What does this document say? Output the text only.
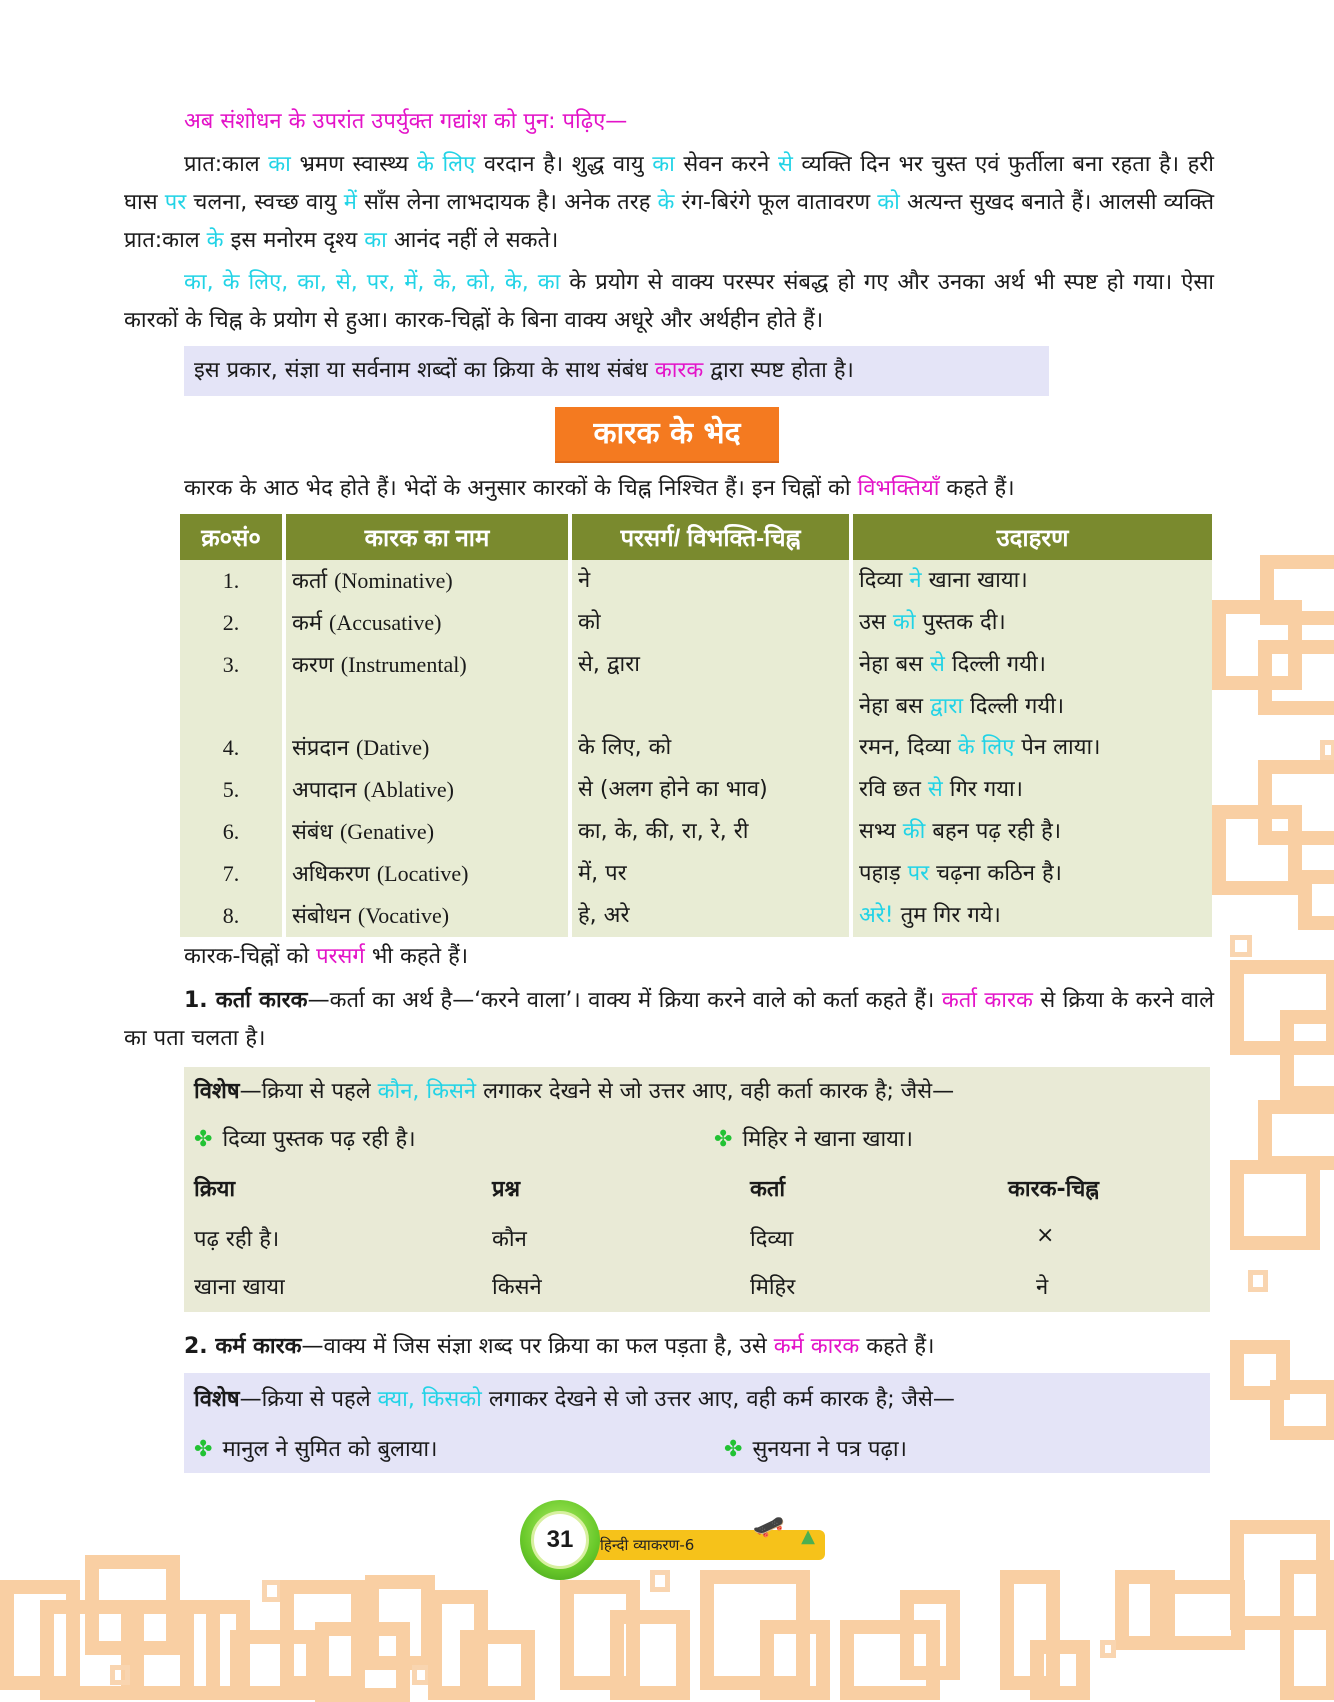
अब संशोधन के उपरांत उपर्युक्त गद्यांश को पुन: पढ़िए—
प्रात:काल का भ्रमण स्वास्थ्य के लिए वरदान है। शुद्ध वायु का सेवन करने से व्यक्ति दिन भर चुस्त एवं फुर्तीला बना रहता है। हरी घास पर चलना, स्वच्छ वायु में साँस लेना लाभदायक है। अनेक तरह के रंग-बिरंगे फूल वातावरण को अत्यन्त सुखद बनाते हैं। आलसी व्यक्ति प्रात:काल के इस मनोरम दृश्य का आनंद नहीं ले सकते।
का, के लिए, का, से, पर, में, के, को, के, का के प्रयोग से वाक्य परस्पर संबद्ध हो गए और उनका अर्थ भी स्पष्ट हो गया। ऐसा कारकों के चिह्न के प्रयोग से हुआ। कारक-चिह्नों के बिना वाक्य अधूरे और अर्थहीन होते हैं।
इस प्रकार, संज्ञा या सर्वनाम शब्दों का क्रिया के साथ संबंध कारक द्वारा स्पष्ट होता है।
कारक के भेद
कारक के आठ भेद होते हैं। भेदों के अनुसार कारकों के चिह्न निश्चित हैं। इन चिह्नों को विभक्तियाँ कहते हैं।
क्र०सं०	कारक का नाम	परसर्ग/ विभक्ति-चिह्न	उदाहरण
1.	कर्ता (Nominative)	ने	दिव्या ने खाना खाया।
2.	कर्म (Accusative)	को	उस को पुस्तक दी।
3.	करण (Instrumental)	से, द्वारा	नेहा बस से दिल्ली गयी।
			नेहा बस द्वारा दिल्ली गयी।
4.	संप्रदान (Dative)	के लिए, को	रमन, दिव्या के लिए पेन लाया।
5.	अपादान (Ablative)	से (अलग होने का भाव)	रवि छत से गिर गया।
6.	संबंध (Genative)	का, के, की, रा, रे, री	सभ्य की बहन पढ़ रही है।
7.	अधिकरण (Locative)	में, पर	पहाड़ पर चढ़ना कठिन है।
8.	संबोधन (Vocative)	हे, अरे	अरे! तुम गिर गये।
कारक-चिह्नों को परसर्ग भी कहते हैं।
1. कर्ता कारक—कर्ता का अर्थ है—‘करने वाला’। वाक्य में क्रिया करने वाले को कर्ता कहते हैं। कर्ता कारक से क्रिया के करने वाले का पता चलता है।
विशेष—क्रिया से पहले कौन, किसने लगाकर देखने से जो उत्तर आए, वही कर्ता कारक है; जैसे—
✤ दिव्या पुस्तक पढ़ रही है।	✤ मिहिर ने खाना खाया।
क्रिया	प्रश्न	कर्ता	कारक-चिह्न
पढ़ रही है।	कौन	दिव्या	×
खाना खाया	किसने	मिहिर	ने
2. कर्म कारक—वाक्य में जिस संज्ञा शब्द पर क्रिया का फल पड़ता है, उसे कर्म कारक कहते हैं।
विशेष—क्रिया से पहले क्या, किसको लगाकर देखने से जो उत्तर आए, वही कर्म कारक है; जैसे—
✤ मानुल ने सुमित को बुलाया।	✤ सुनयना ने पत्र पढ़ा।
हिन्दी व्याकरण-6
🛹 ▲
31
